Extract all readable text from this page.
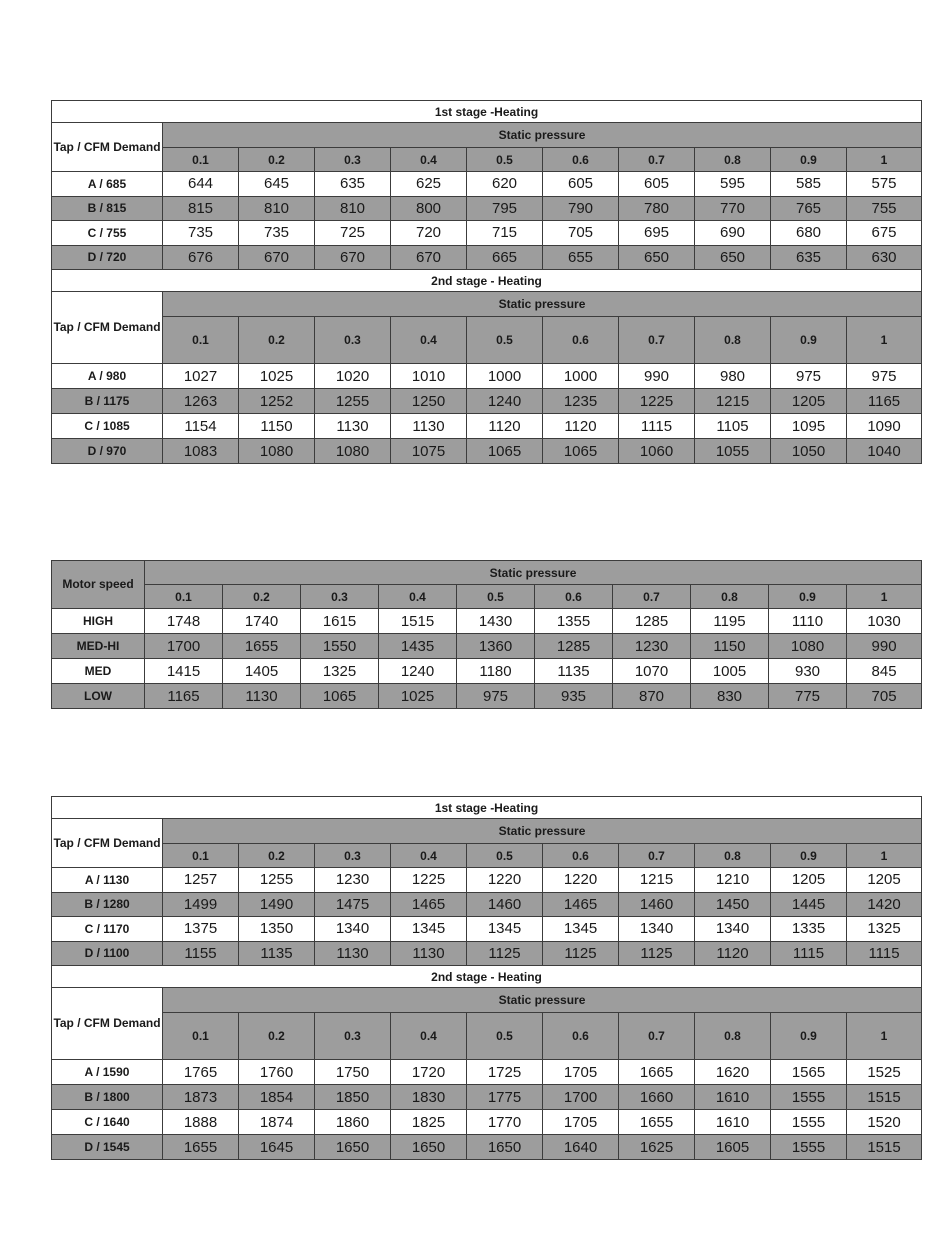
1st stage -Heating										
Tap / CFM Demand	Static pressure									
	0.1	0.2	0.3	0.4	0.5	0.6	0.7	0.8	0.9	1
A / 685	644	645	635	625	620	605	605	595	585	575
B / 815	815	810	810	800	795	790	780	770	765	755
C / 755	735	735	725	720	715	705	695	690	680	675
D / 720	676	670	670	670	665	655	650	650	635	630
2nd stage - Heating										
Tap / CFM Demand	Static pressure									
	0.1	0.2	0.3	0.4	0.5	0.6	0.7	0.8	0.9	1
A / 980	1027	1025	1020	1010	1000	1000	990	980	975	975
B / 1175	1263	1252	1255	1250	1240	1235	1225	1215	1205	1165
C / 1085	1154	1150	1130	1130	1120	1120	1115	1105	1095	1090
D / 970	1083	1080	1080	1075	1065	1065	1060	1055	1050	1040
Motor speed	Static pressure									
	0.1	0.2	0.3	0.4	0.5	0.6	0.7	0.8	0.9	1
HIGH	1748	1740	1615	1515	1430	1355	1285	1195	1110	1030
MED-HI	1700	1655	1550	1435	1360	1285	1230	1150	1080	990
MED	1415	1405	1325	1240	1180	1135	1070	1005	930	845
LOW	1165	1130	1065	1025	975	935	870	830	775	705
1st stage -Heating										
Tap / CFM Demand	Static pressure									
	0.1	0.2	0.3	0.4	0.5	0.6	0.7	0.8	0.9	1
A / 1130	1257	1255	1230	1225	1220	1220	1215	1210	1205	1205
B / 1280	1499	1490	1475	1465	1460	1465	1460	1450	1445	1420
C / 1170	1375	1350	1340	1345	1345	1345	1340	1340	1335	1325
D / 1100	1155	1135	1130	1130	1125	1125	1125	1120	1115	1115
2nd stage - Heating										
Tap / CFM Demand	Static pressure									
	0.1	0.2	0.3	0.4	0.5	0.6	0.7	0.8	0.9	1
A / 1590	1765	1760	1750	1720	1725	1705	1665	1620	1565	1525
B / 1800	1873	1854	1850	1830	1775	1700	1660	1610	1555	1515
C / 1640	1888	1874	1860	1825	1770	1705	1655	1610	1555	1520
D / 1545	1655	1645	1650	1650	1650	1640	1625	1605	1555	1515
